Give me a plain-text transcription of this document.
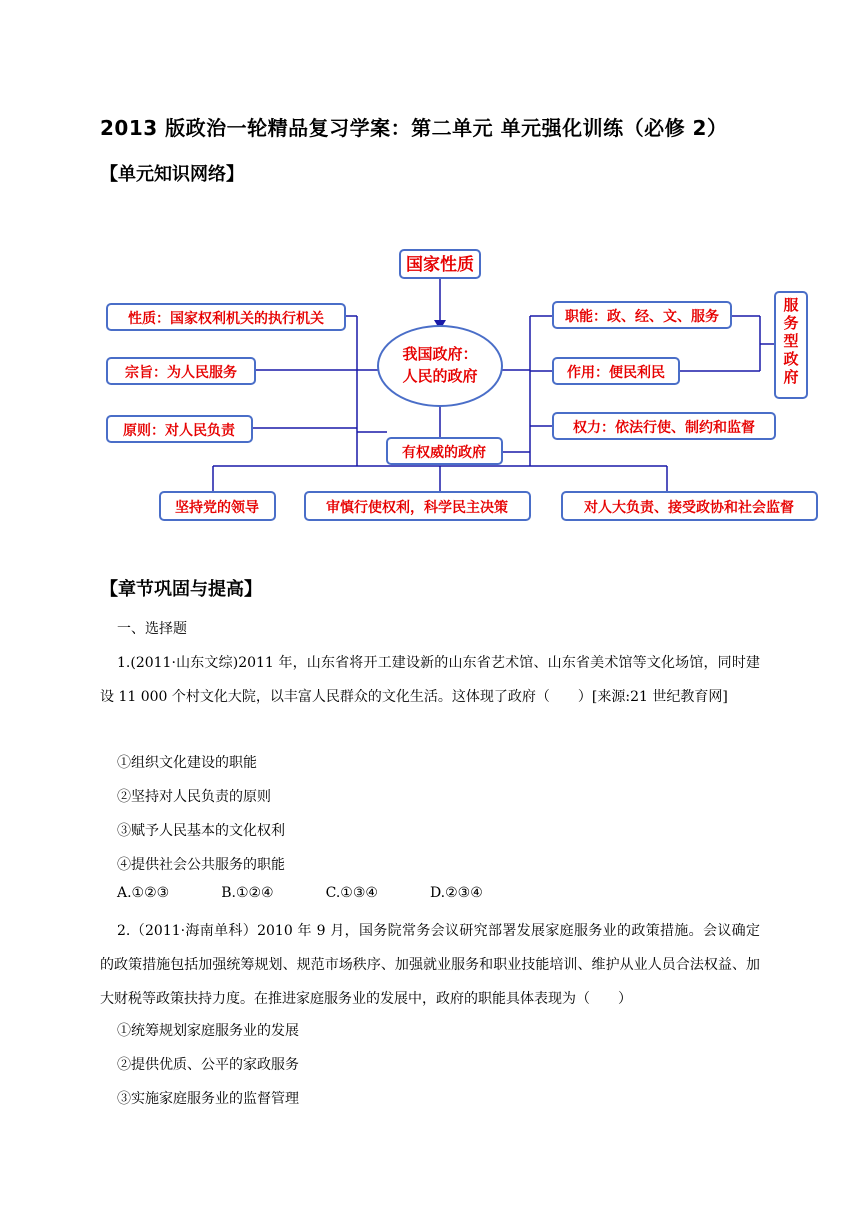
2013 版政治一轮精品复习学案：第二单元 单元强化训练（必修 2）
【单元知识网络】
国家性质
我国政府：
人民的政府
性质：国家权利机关的执行机关
宗旨：为人民服务
原则：对人民负责
职能：政、经、文、服务
作用：便民利民
权力：依法行使、制约和监督
服
务
型
政
府
有权威的政府
坚持党的领导	审慎行使权利，科学民主决策	对人大负责、接受政协和社会监督
【章节巩固与提高】
一、选择题
1.(2011·山东文综)2011 年，山东省将开工建设新的山东省艺术馆、山东省美术馆等文化场馆，同时建设 11 000 个村文化大院，以丰富人民群众的文化生活。这体现了政府（　　）[来源:21 世纪教育网]
①组织文化建设的职能
②坚持对人民负责的原则
③赋予人民基本的文化权利
④提供社会公共服务的职能
A.①②③	B.①②④	C.①③④	D.②③④
2.（2011·海南单科）2010 年 9 月，国务院常务会议研究部署发展家庭服务业的政策措施。会议确定的政策措施包括加强统筹规划、规范市场秩序、加强就业服务和职业技能培训、维护从业人员合法权益、加大财税等政策扶持力度。在推进家庭服务业的发展中，政府的职能具体表现为（　　）
①统筹规划家庭服务业的发展
②提供优质、公平的家政服务
③实施家庭服务业的监督管理
